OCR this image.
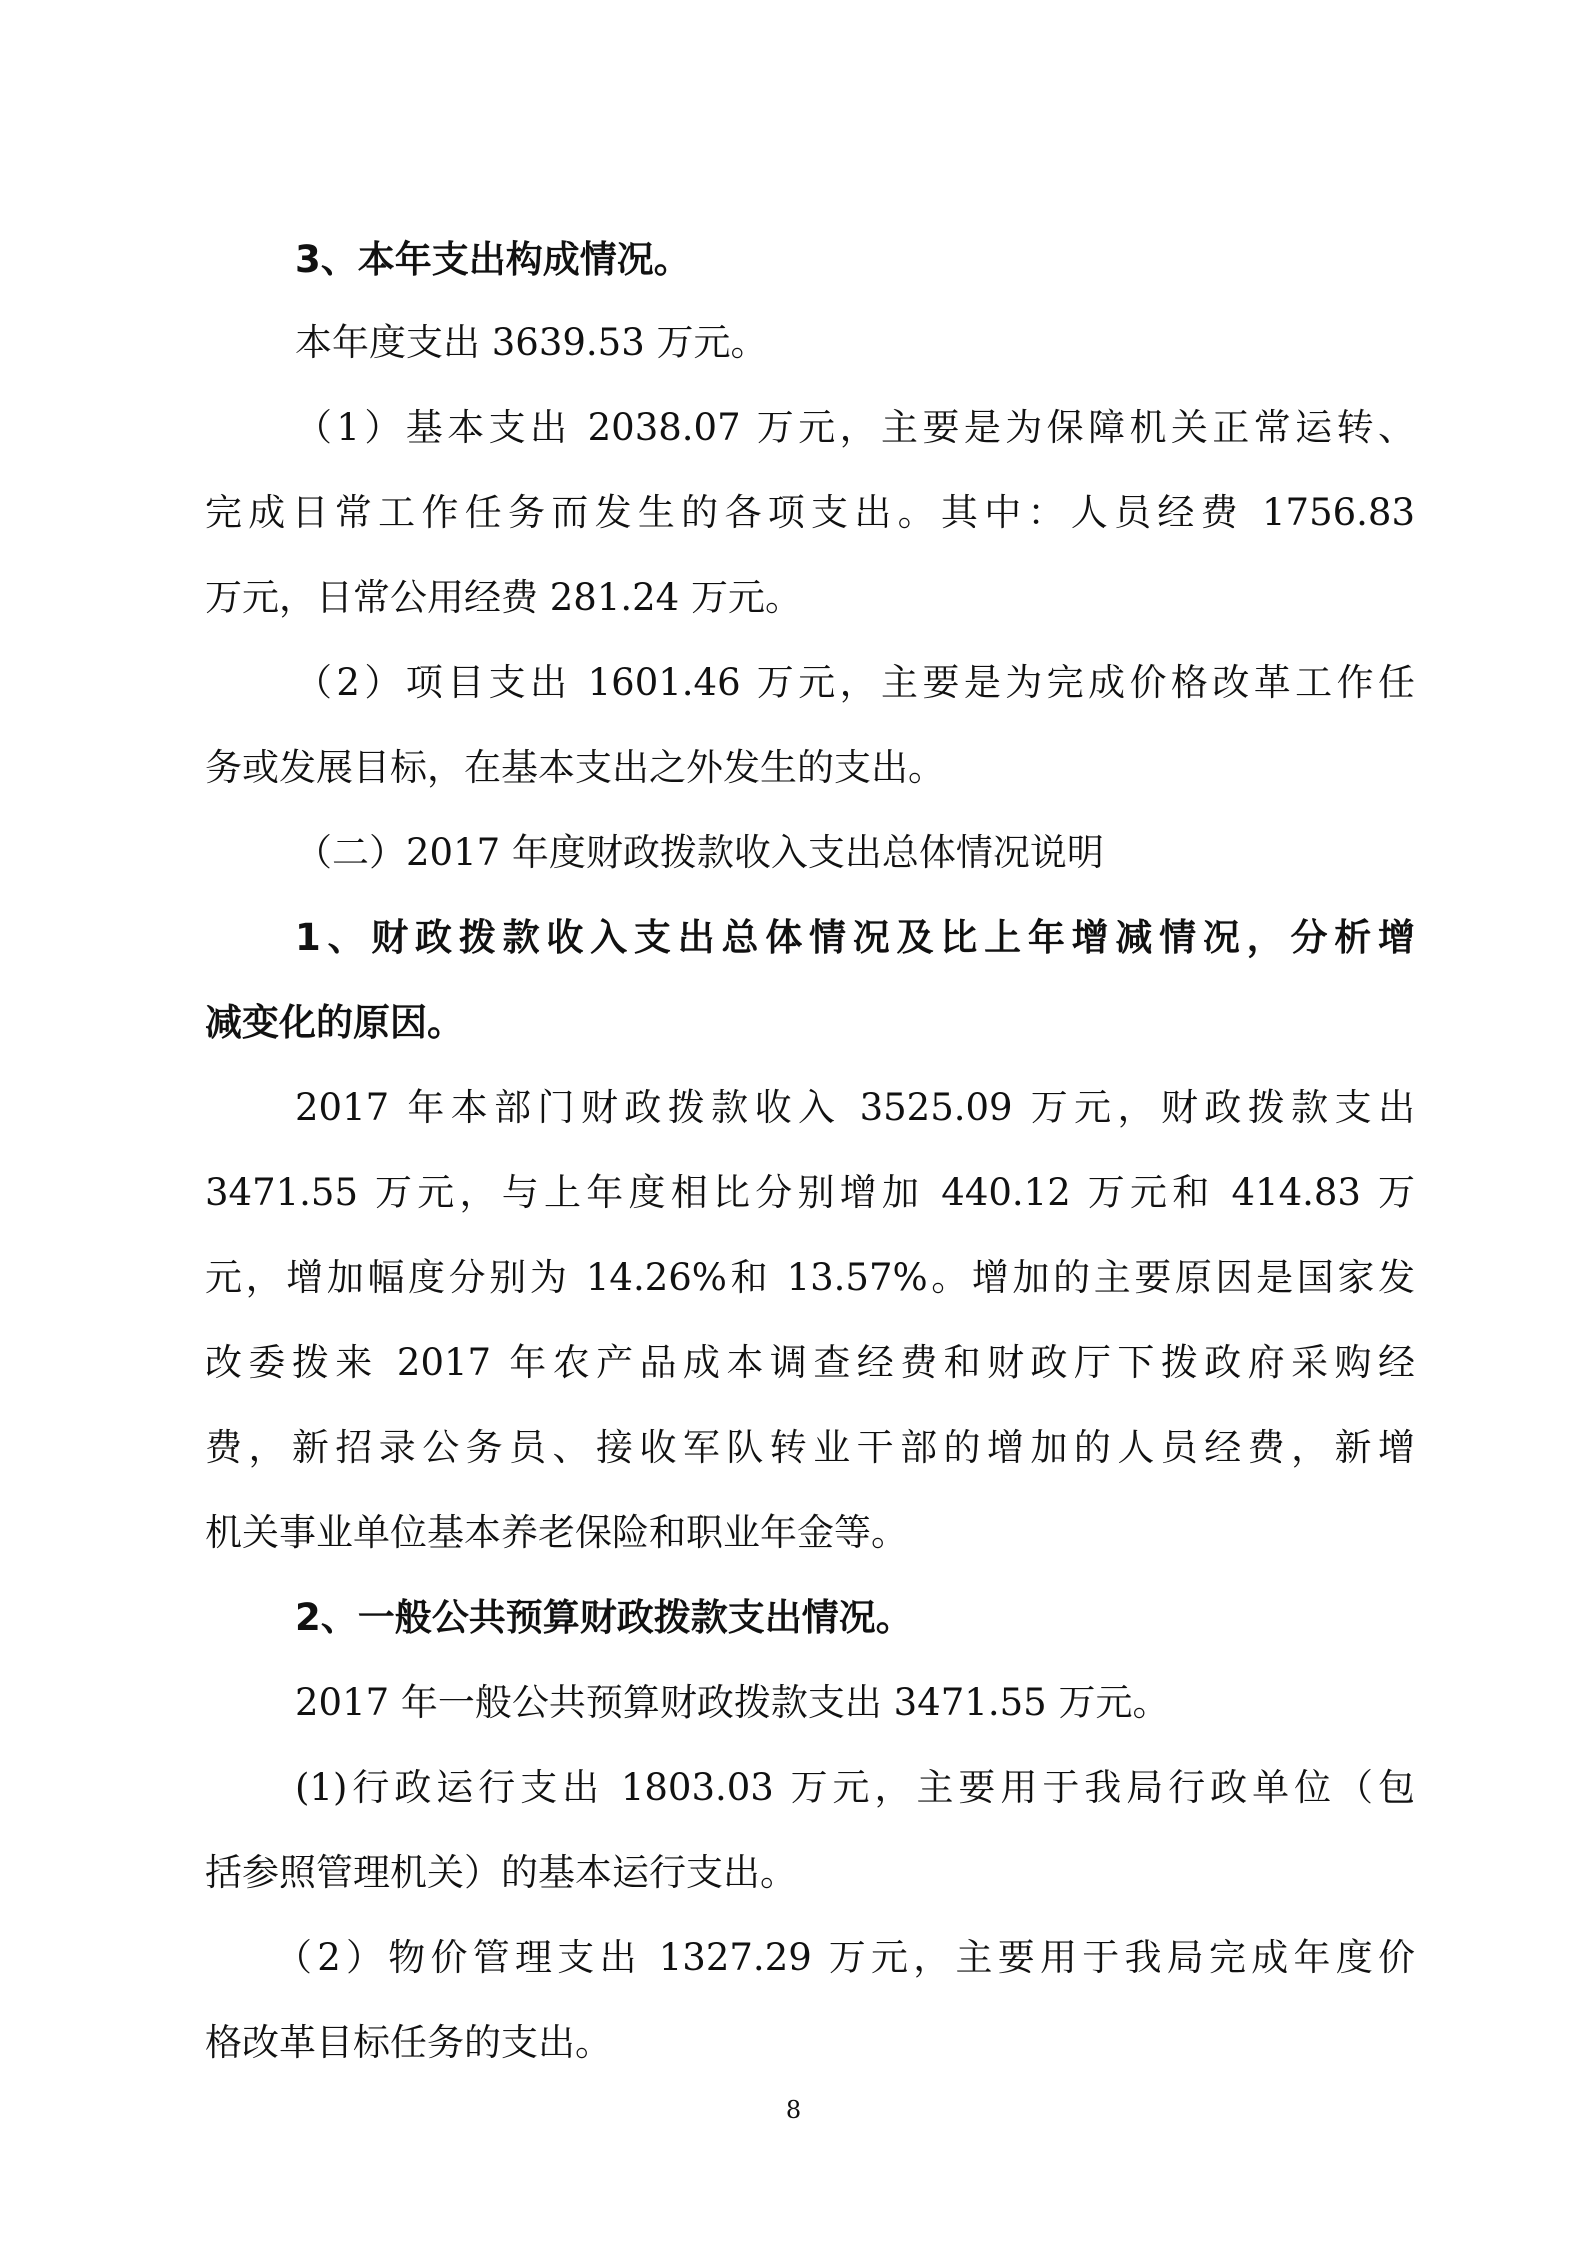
3、本年支出构成情况。
本年度支出 3639.53 万元。
（1）基本支出 2038.07 万元，主要是为保障机关正常运转、
完成日常工作任务而发生的各项支出。其中：人员经费 1756.83
万元，日常公用经费 281.24 万元。
（2）项目支出 1601.46 万元，主要是为完成价格改革工作任
务或发展目标，在基本支出之外发生的支出。
（二）2017 年度财政拨款收入支出总体情况说明
1、财政拨款收入支出总体情况及比上年增减情况，分析增
减变化的原因。
2017 年本部门财政拨款收入 3525.09 万元，财政拨款支出
3471.55 万元，与上年度相比分别增加 440.12 万元和 414.83 万
元，增加幅度分别为 14.26%和 13.57%。增加的主要原因是国家发
改委拨来 2017 年农产品成本调查经费和财政厅下拨政府采购经
费，新招录公务员、接收军队转业干部的增加的人员经费，新增
机关事业单位基本养老保险和职业年金等。
2、一般公共预算财政拨款支出情况。
2017 年一般公共预算财政拨款支出 3471.55 万元。
(1)行政运行支出 1803.03 万元，主要用于我局行政单位（包
括参照管理机关）的基本运行支出。
（2）物价管理支出 1327.29 万元，主要用于我局完成年度价
格改革目标任务的支出。
8
